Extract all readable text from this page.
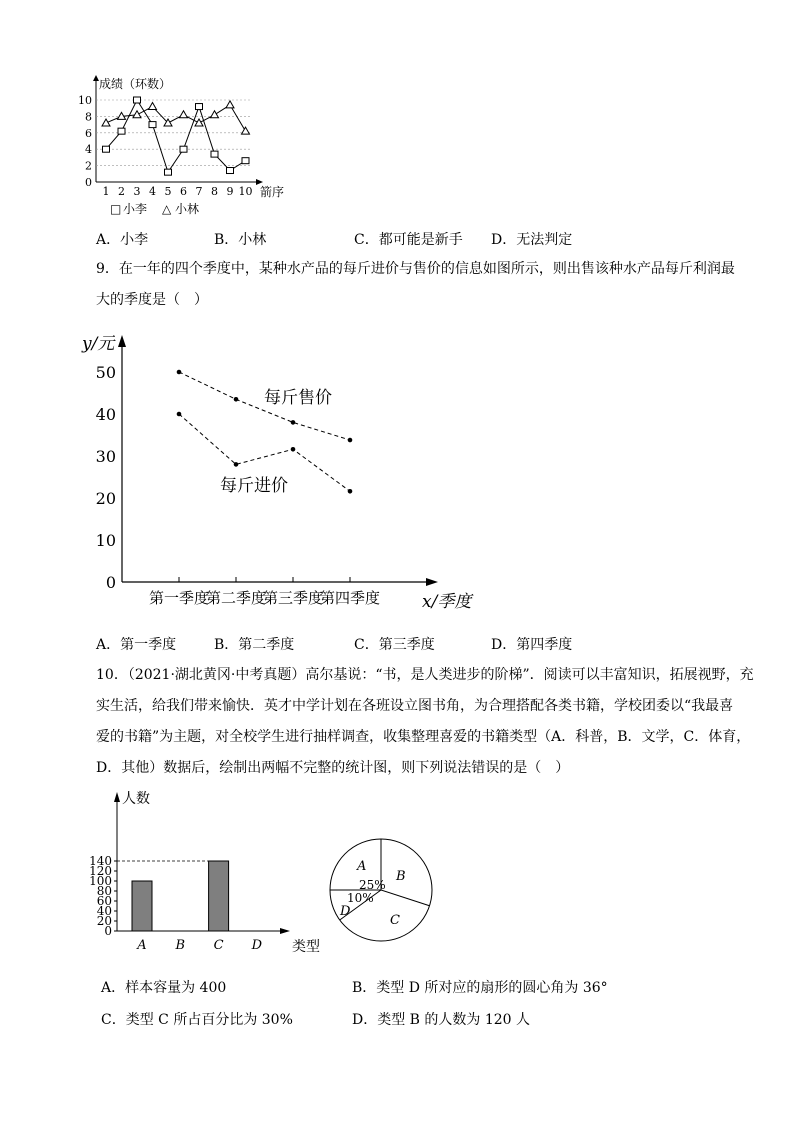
成绩（环数）
箭序
0
2
4
6
8
10
1 2 3 4 5 6 7 8 9 10
□ 小李 △ 小林
A．小李	B．小林	C．都可能是新手 D．无法判定
9．在一年的四个季度中，某种水产品的每斤进价与售价的信息如图所示，则出售该种水产品每斤利润最
大的季度是（　）
y/元
x/季度
0
10
20
30
40
50
第一季度
第二季度
第三季度
第四季度
每斤售价
每斤进价
A．第一季度	B．第二季度	C．第三季度	D．第四季度
10．（2021·湖北黄冈·中考真题）高尔基说：“书，是人类进步的阶梯”．阅读可以丰富知识，拓展视野，充
实生活，给我们带来愉快．英才中学计划在各班设立图书角，为合理搭配各类书籍，学校团委以“我最喜
爱的书籍”为主题，对全校学生进行抽样调查，收集整理喜爱的书籍类型（A．科普，B．文学，C．体育，
D．其他）数据后，绘制出两幅不完整的统计图，则下列说法错误的是（　）
人数
类型
0
20
40
60
80
100
120
140
A B C D
A
25%
B
C
D
10%
A．样本容量为 400	B．类型 D 所对应的扇形的圆心角为 36°
C．类型 C 所占百分比为 30%	D．类型 B 的人数为 120 人
